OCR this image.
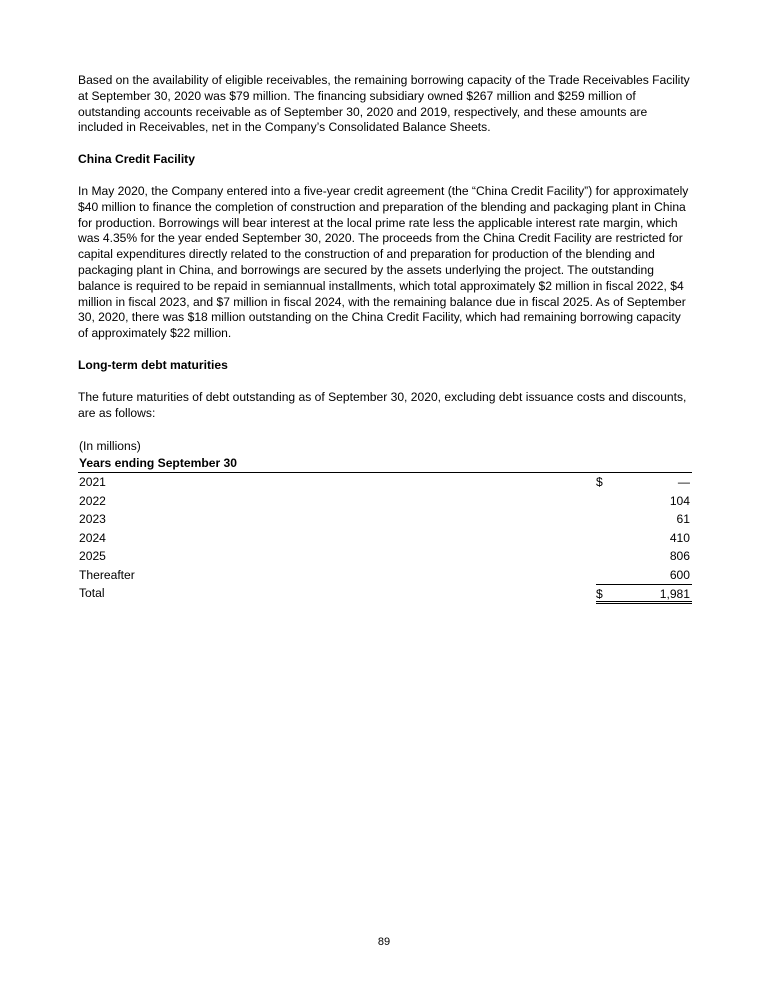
Based on the availability of eligible receivables, the remaining borrowing capacity of the Trade Receivables Facility at September 30, 2020 was $79 million. The financing subsidiary owned $267 million and $259 million of outstanding accounts receivable as of September 30, 2020 and 2019, respectively, and these amounts are included in Receivables, net in the Company’s Consolidated Balance Sheets.

China Credit Facility

In May 2020, the Company entered into a five-year credit agreement (the “China Credit Facility”) for approximately $40 million to finance the completion of construction and preparation of the blending and packaging plant in China for production. Borrowings will bear interest at the local prime rate less the applicable interest rate margin, which was 4.35% for the year ended September 30, 2020. The proceeds from the China Credit Facility are restricted for capital expenditures directly related to the construction of and preparation for production of the blending and packaging plant in China, and borrowings are secured by the assets underlying the project. The outstanding balance is required to be repaid in semiannual installments, which total approximately $2 million in fiscal 2022, $4 million in fiscal 2023, and $7 million in fiscal 2024, with the remaining balance due in fiscal 2025. As of September 30, 2020, there was $18 million outstanding on the China Credit Facility, which had remaining borrowing capacity of approximately $22 million.

Long-term debt maturities

The future maturities of debt outstanding as of September 30, 2020, excluding debt issuance costs and discounts, are as follows:

(In millions)
Years ending September 30
2021	$	—
2022	104
2023	61
2024	410
2025	806
Thereafter	600
Total	$	1,981
89
